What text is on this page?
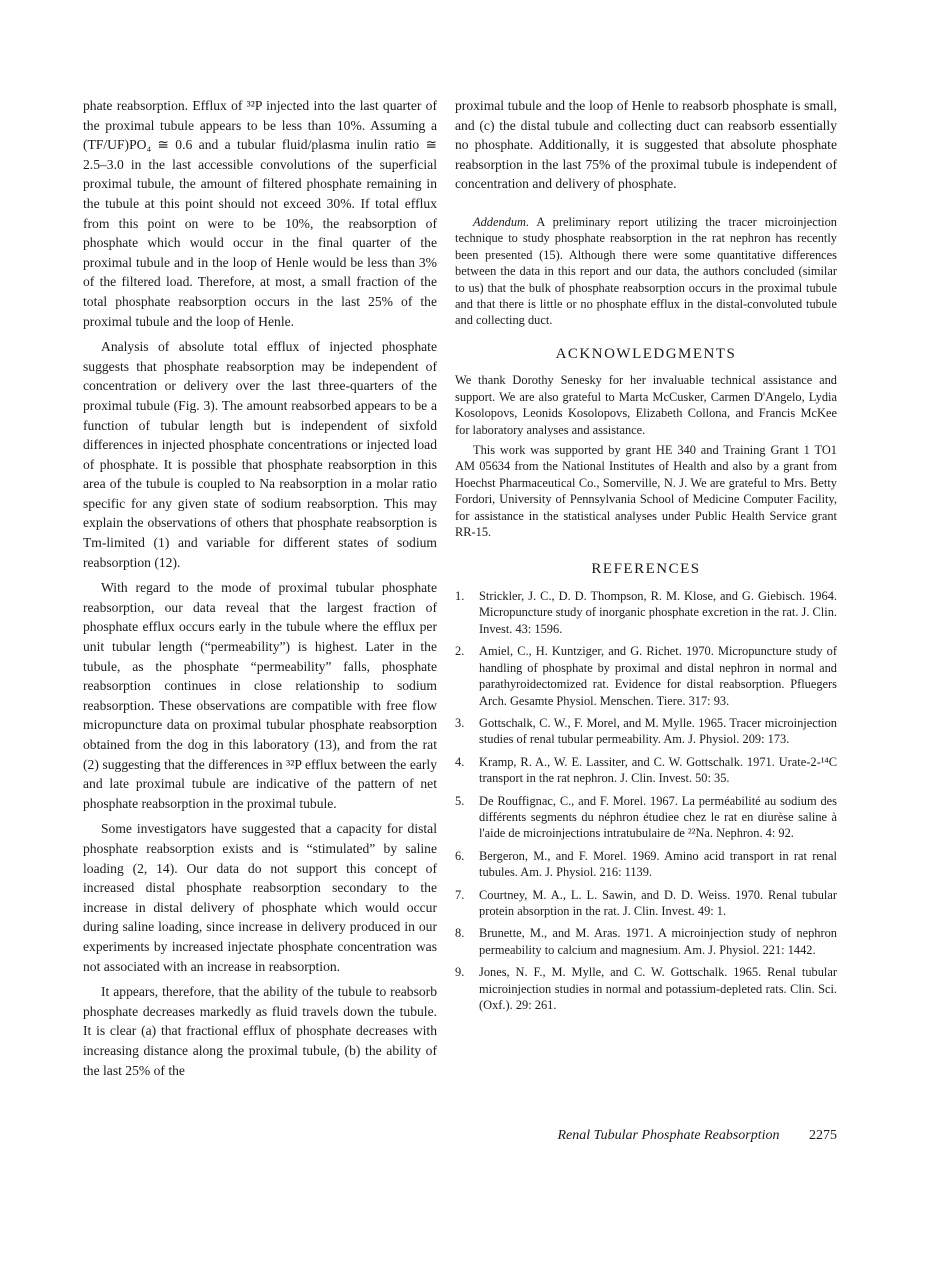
phate reabsorption. Efflux of ³²P injected into the last quarter of the proximal tubule appears to be less than 10%. Assuming a (TF/UF)PO₄ ≅ 0.6 and a tubular fluid/plasma inulin ratio ≅ 2.5–3.0 in the last accessible convolutions of the superficial proximal tubule, the amount of filtered phosphate remaining in the tubule at this point should not exceed 30%. If total efflux from this point on were to be 10%, the reabsorption of phosphate which would occur in the final quarter of the proximal tubule and in the loop of Henle would be less than 3% of the filtered load. Therefore, at most, a small fraction of the total phosphate reabsorption occurs in the last 25% of the proximal tubule and the loop of Henle.

Analysis of absolute total efflux of injected phosphate suggests that phosphate reabsorption may be independent of concentration or delivery over the last three-quarters of the proximal tubule (Fig. 3). The amount reabsorbed appears to be a function of tubular length but is independent of sixfold differences in injected phosphate concentrations or injected load of phosphate. It is possible that phosphate reabsorption in this area of the tubule is coupled to Na reabsorption in a molar ratio specific for any given state of sodium reabsorption. This may explain the observations of others that phosphate reabsorption is Tm-limited (1) and variable for different states of sodium reabsorption (12).

With regard to the mode of proximal tubular phosphate reabsorption, our data reveal that the largest fraction of phosphate efflux occurs early in the tubule where the efflux per unit tubular length (“permeability”) is highest. Later in the tubule, as the phosphate “permeability” falls, phosphate reabsorption continues in close relationship to sodium reabsorption. These observations are compatible with free flow micropuncture data on proximal tubular phosphate reabsorption obtained from the dog in this laboratory (13), and from the rat (2) suggesting that the differences in ³²P efflux between the early and late proximal tubule are indicative of the pattern of net phosphate reabsorption in the proximal tubule.

Some investigators have suggested that a capacity for distal phosphate reabsorption exists and is “stimulated” by saline loading (2, 14). Our data do not support this concept of increased distal phosphate reabsorption secondary to the increase in distal delivery of phosphate which would occur during saline loading, since increase in delivery produced in our experiments by increased injectate phosphate concentration was not associated with an increase in reabsorption.

It appears, therefore, that the ability of the tubule to reabsorb phosphate decreases markedly as fluid travels down the tubule. It is clear (a) that fractional efflux of phosphate decreases with increasing distance along the proximal tubule, (b) the ability of the last 25% of the

proximal tubule and the loop of Henle to reabsorb phosphate is small, and (c) the distal tubule and collecting duct can reabsorb essentially no phosphate. Additionally, it is suggested that absolute phosphate reabsorption in the last 75% of the proximal tubule is independent of concentration and delivery of phosphate.

Addendum. A preliminary report utilizing the tracer microinjection technique to study phosphate reabsorption in the rat nephron has recently been presented (15). Although there were some quantitative differences between the data in this report and our data, the authors concluded (similar to us) that the bulk of phosphate reabsorption occurs in the proximal tubule and that there is little or no phosphate efflux in the distal-convoluted tubule and collecting duct.

ACKNOWLEDGMENTS

We thank Dorothy Senesky for her invaluable technical assistance and support. We are also grateful to Marta McCusker, Carmen D'Angelo, Lydia Kosolopovs, Leonids Kosolopovs, Elizabeth Collona, and Francis McKee for laboratory analyses and assistance.

This work was supported by grant HE 340 and Training Grant 1 TO1 AM 05634 from the National Institutes of Health and also by a grant from Hoechst Pharmaceutical Co., Somerville, N. J. We are grateful to Mrs. Betty Fordori, University of Pennsylvania School of Medicine Computer Facility, for assistance in the statistical analyses under Public Health Service grant RR-15.

REFERENCES
1. Strickler, J. C., D. D. Thompson, R. M. Klose, and G. Giebisch. 1964. Micropuncture study of inorganic phosphate excretion in the rat. J. Clin. Invest. 43: 1596.
2. Amiel, C., H. Kuntziger, and G. Richet. 1970. Micropuncture study of handling of phosphate by proximal and distal nephron in normal and parathyroidectomized rat. Evidence for distal reabsorption. Pfluegers Arch. Gesamte Physiol. Menschen. Tiere. 317: 93.
3. Gottschalk, C. W., F. Morel, and M. Mylle. 1965. Tracer microinjection studies of renal tubular permeability. Am. J. Physiol. 209: 173.
4. Kramp, R. A., W. E. Lassiter, and C. W. Gottschalk. 1971. Urate-2-¹⁴C transport in the rat nephron. J. Clin. Invest. 50: 35.
5. De Rouffignac, C., and F. Morel. 1967. La perméabilité au sodium des différents segments du néphron étudiee chez le rat en diurèse saline à l'aide de microinjections intratubulaire de ²²Na. Nephron. 4: 92.
6. Bergeron, M., and F. Morel. 1969. Amino acid transport in rat renal tubules. Am. J. Physiol. 216: 1139.
7. Courtney, M. A., L. L. Sawin, and D. D. Weiss. 1970. Renal tubular protein absorption in the rat. J. Clin. Invest. 49: 1.
8. Brunette, M., and M. Aras. 1971. A microinjection study of nephron permeability to calcium and magnesium. Am. J. Physiol. 221: 1442.
9. Jones, N. F., M. Mylle, and C. W. Gottschalk. 1965. Renal tubular microinjection studies in normal and potassium-depleted rats. Clin. Sci. (Oxf.). 29: 261.
Renal Tubular Phosphate Reabsorption 2275
